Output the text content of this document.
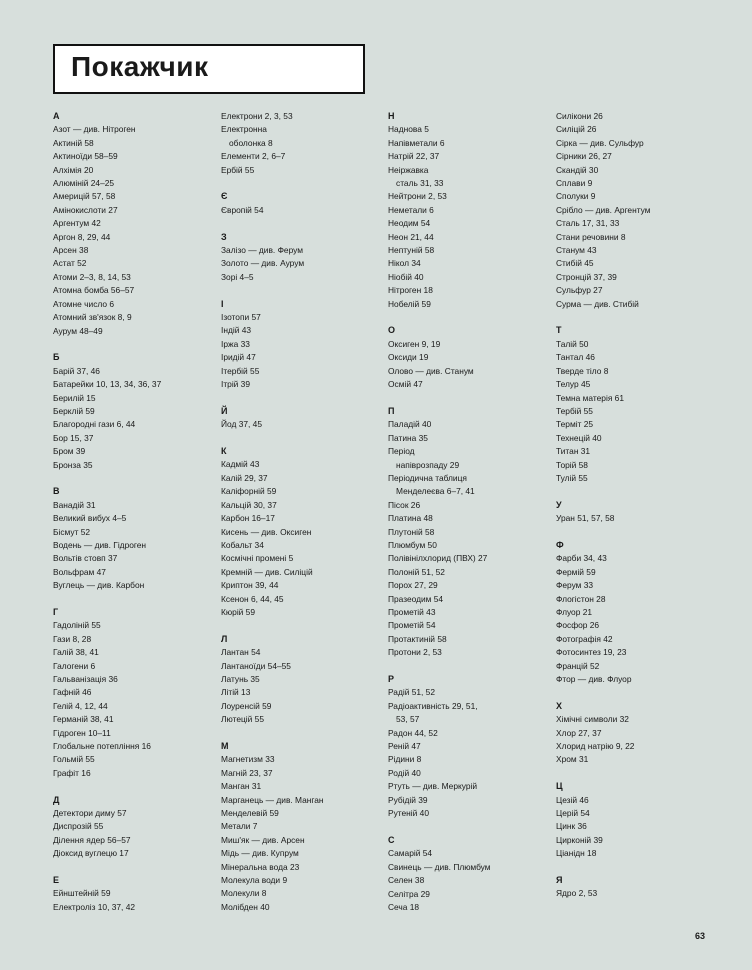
Покажчик
А
Азот — див. Нітроген
Актиній 58
Актиноїди 58–59
Алхімія 20
Алюміній 24–25
Америцій 57, 58
Амінокислоти 27
Аргентум 42
Аргон 8, 29, 44
Арсен 38
Астат 52
Атоми 2–3, 8, 14, 53
Атомна бомба 56–57
Атомне число 6
Атомний зв'язок 8, 9
Аурум 48–49
Б
Барій 37, 46
Батарейки 10, 13, 34, 36, 37
Берилій 15
Берклій 59
Благородні гази 6, 44
Бор 15, 37
Бром 39
Бронза 35
В
Ванадій 31
Великий вибух 4–5
Бісмут 52
Водень — див. Гідроген
Вольтів стовп 37
Вольфрам 47
Вуглець — див. Карбон
Г
Гадоліній 55
Гази 8, 28
Галій 38, 41
Галогени 6
Гальванізація 36
Гафній 46
Гелій 4, 12, 44
Германій 38, 41
Гідроген 10–11
Глобальне потепління 16
Гольмій 55
Графіт 16
Д
Детектори диму 57
Диспрозій 55
Ділення ядер 56–57
Діоксид вуглецю 17
Е
Ейнштейній 59
Електроліз 10, 37, 42
Електрони 2, 3, 53
Електронна
оболонка 8
Елементи 2, 6–7
Ербій 55
Є
Європій 54
З
Залізо — див. Ферум
Золото — див. Аурум
Зорі 4–5
І
Ізотопи 57
Індій 43
Іржа 33
Іридій 47
Ітербій 55
Ітрій 39
Й
Йод 37, 45
К
Кадмій 43
Калій 29, 37
Каліфорній 59
Кальцій 30, 37
Карбон 16–17
Кисень — див. Оксиген
Кобальт 34
Космічні промені 5
Кремній — див. Силіцій
Криптон 39, 44
Ксенон 6, 44, 45
Кюрій 59
Л
Лантан 54
Лантаноїди 54–55
Латунь 35
Літій 13
Лоуренсій 59
Лютецій 55
М
Магнетизм 33
Магній 23, 37
Манган 31
Марганець — див. Манган
Менделевій 59
Метали 7
Миш'як — див. Арсен
Мідь — див. Купрум
Мінеральна вода 23
Молекула води 9
Молекули 8
Молібден 40
Н
Наднова 5
Напівметали 6
Натрій 22, 37
Неіржавка
сталь 31, 33
Нейтрони 2, 53
Неметали 6
Неодим 54
Неон 21, 44
Нептуній 58
Нікол 34
Ніобій 40
Нітроген 18
Нобелій 59
О
Оксиген 9, 19
Оксиди 19
Олово — див. Станум
Осмій 47
П
Паладій 40
Патина 35
Період
напіврозпаду 29
Періодична таблиця
Менделеєва 6–7, 41
Пісок 26
Платина 48
Плутоній 58
Плюмбум 50
Полівінілхлорид (ПВХ) 27
Полоній 51, 52
Порох 27, 29
Празеодим 54
Прометій 43
Прометій 54
Протактиній 58
Протони 2, 53
Р
Радій 51, 52
Радіоактивність 29, 51,
53, 57
Радон 44, 52
Реній 47
Рідини 8
Родій 40
Ртуть — див. Меркурій
Рубідій 39
Рутеній 40
С
Самарій 54
Свинець — див. Плюмбум
Селен 38
Селітра 29
Сеча 18
Силікони 26
Силіцій 26
Сірка — див. Сульфур
Сірники 26, 27
Скандій 30
Сплави 9
Сполуки 9
Срібло — див. Аргентум
Сталь 17, 31, 33
Стани речовини 8
Станум 43
Стибій 45
Стронцій 37, 39
Сульфур 27
Сурма — див. Стибій
Т
Талій 50
Тантал 46
Тверде тіло 8
Телур 45
Темна матерія 61
Тербій 55
Терміт 25
Технецій 40
Титан 31
Торій 58
Тулій 55
У
Уран 51, 57, 58
Ф
Фарби 34, 43
Фермій 59
Ферум 33
Флогістон 28
Флуор 21
Фосфор 26
Фотографія 42
Фотосинтез 19, 23
Францій 52
Фтор — див. Флуор
Х
Хімічні символи 32
Хлор 27, 37
Хлорид натрію 9, 22
Хром 31
Ц
Цезій 46
Церій 54
Цинк 36
Цирконій 39
Ціанідн 18
Я
Ядро 2, 53
63
